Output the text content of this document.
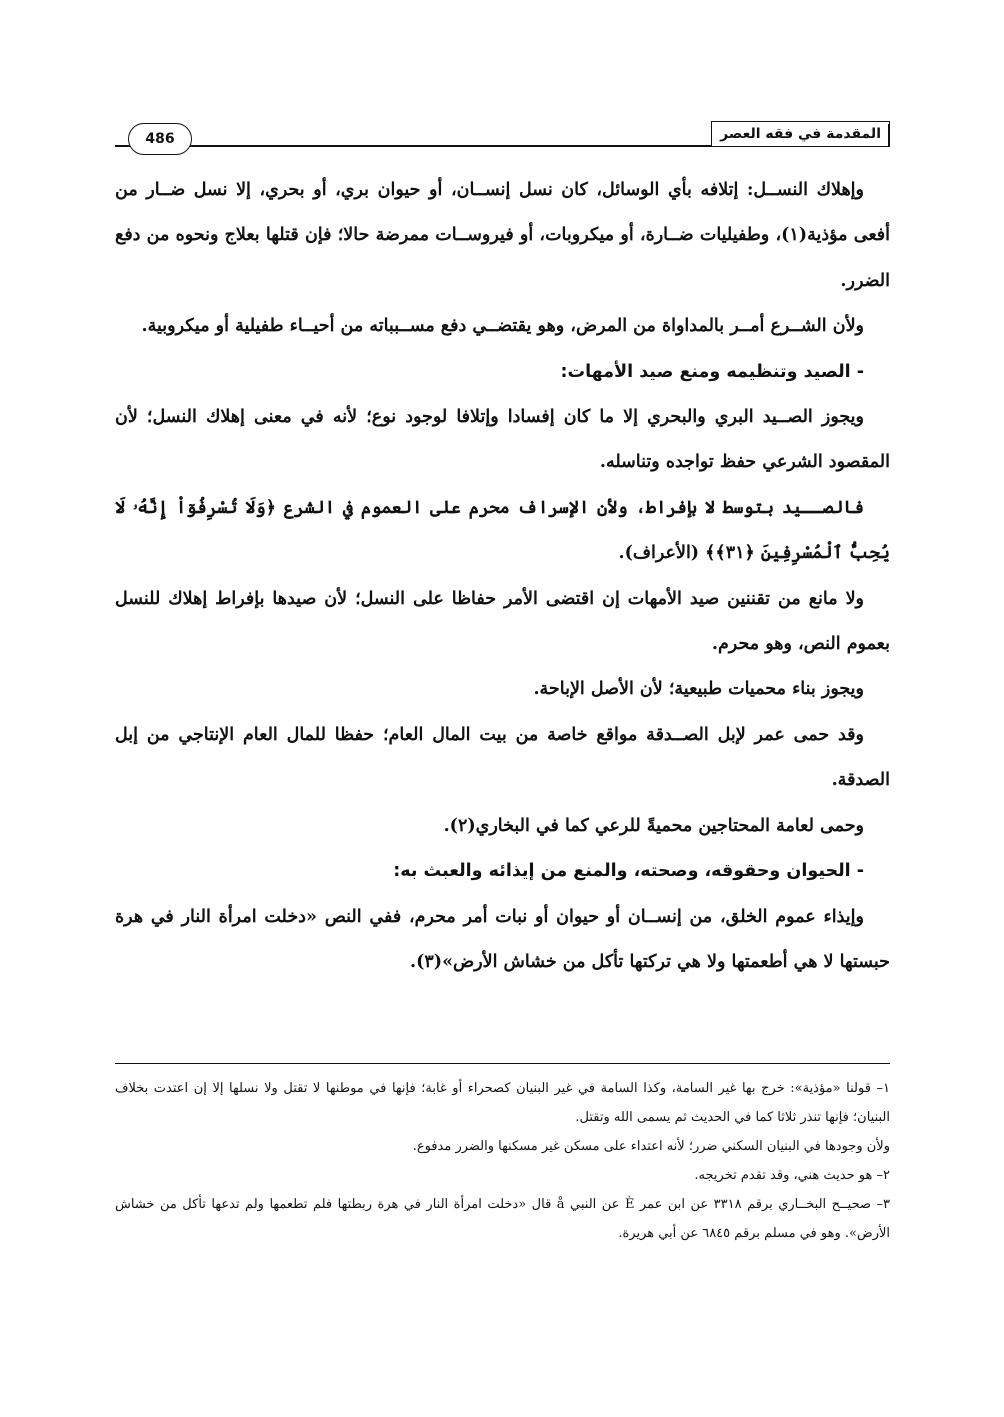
المقدمة في فقه العصر
486

وإهلاك النســل: إتلافه بأي الوسائل، كان نسل إنســان، أو حيوان بري، أو بحري، إلا نسل ضــار من أفعى مؤذية(١)، وطفيليات ضــارة، أو ميكروبات، أو فيروســات ممرضة حالا؛ فإن قتلها بعلاج ونحوه من دفع الضرر.

ولأن الشــرع أمــر بالمداواة من المرض، وهو يقتضــي دفع مســبباته من أحيــاء طفيلية أو ميكروبية.

- الصيد وتنظيمه ومنع صيد الأمهات:

ويجوز الصــيد البري والبحري إلا ما كان إفسادا وإتلافا لوجود نوع؛ لأنه في معنى إهلاك النسل؛ لأن المقصود الشرعي حفظ تواجده وتناسله.

فالصــيد بتوسط لا بإفراط، ولأن الإسراف محرم على العموم في الشرع ﴿وَلَا تُسْرِفُوٓاْ إِنَّهُۥ لَا يُحِبُّ ٱلْمُسْرِفِينَ ﴿٣١﴾﴾ (الأعراف).

ولا مانع من تقننين صيد الأمهات إن اقتضى الأمر حفاظا على النسل؛ لأن صيدها بإفراط إهلاك للنسل بعموم النص، وهو محرم.

ويجوز بناء محميات طبيعية؛ لأن الأصل الإباحة.

وقد حمى عمر لإبل الصــدقة مواقع خاصة من بيت المال العام؛ حفظا للمال العام الإنتاجي من إبل الصدقة.

وحمى لعامة المحتاجين محميةً للرعي كما في البخاري(٢).

- الحيوان وحقوقه، وصحته، والمنع من إيذائه والعبث به:

وإيذاء عموم الخلق، من إنســان أو حيوان أو نبات أمر محرم، ففي النص «دخلت امرأة النار في هرة حبستها لا هي أطعمتها ولا هي تركتها تأكل من خشاش الأرض»(٣).

١– قولنا «مؤذية»: خرج بها غير السامة، وكذا السامة في غير البنيان كصحراء أو غابة؛ فإنها في موطنها لا تقتل ولا نسلها إلا إن اعتدت بخلاف البنيان؛ فإنها تنذر ثلاثا كما في الحديث ثم يسمى الله وتقتل.

ولأن وجودها في البنيان السكني ضرر؛ لأنه اعتداء على مسكن غير مسكنها والضرر مدفوع.

٢– هو حديث هني، وقد تقدم تخريجه.

٣– صحيــح البخــاري برقم ٣٣١٨ عن ابن عمر È عن النبي å قال «دخلت امرأة النار في هرة ربطتها فلم تطعمها ولم تدعها تأكل من خشاش الأرض». وهو في مسلم برقم ٦٨٤٥ عن أبي هريرة.
